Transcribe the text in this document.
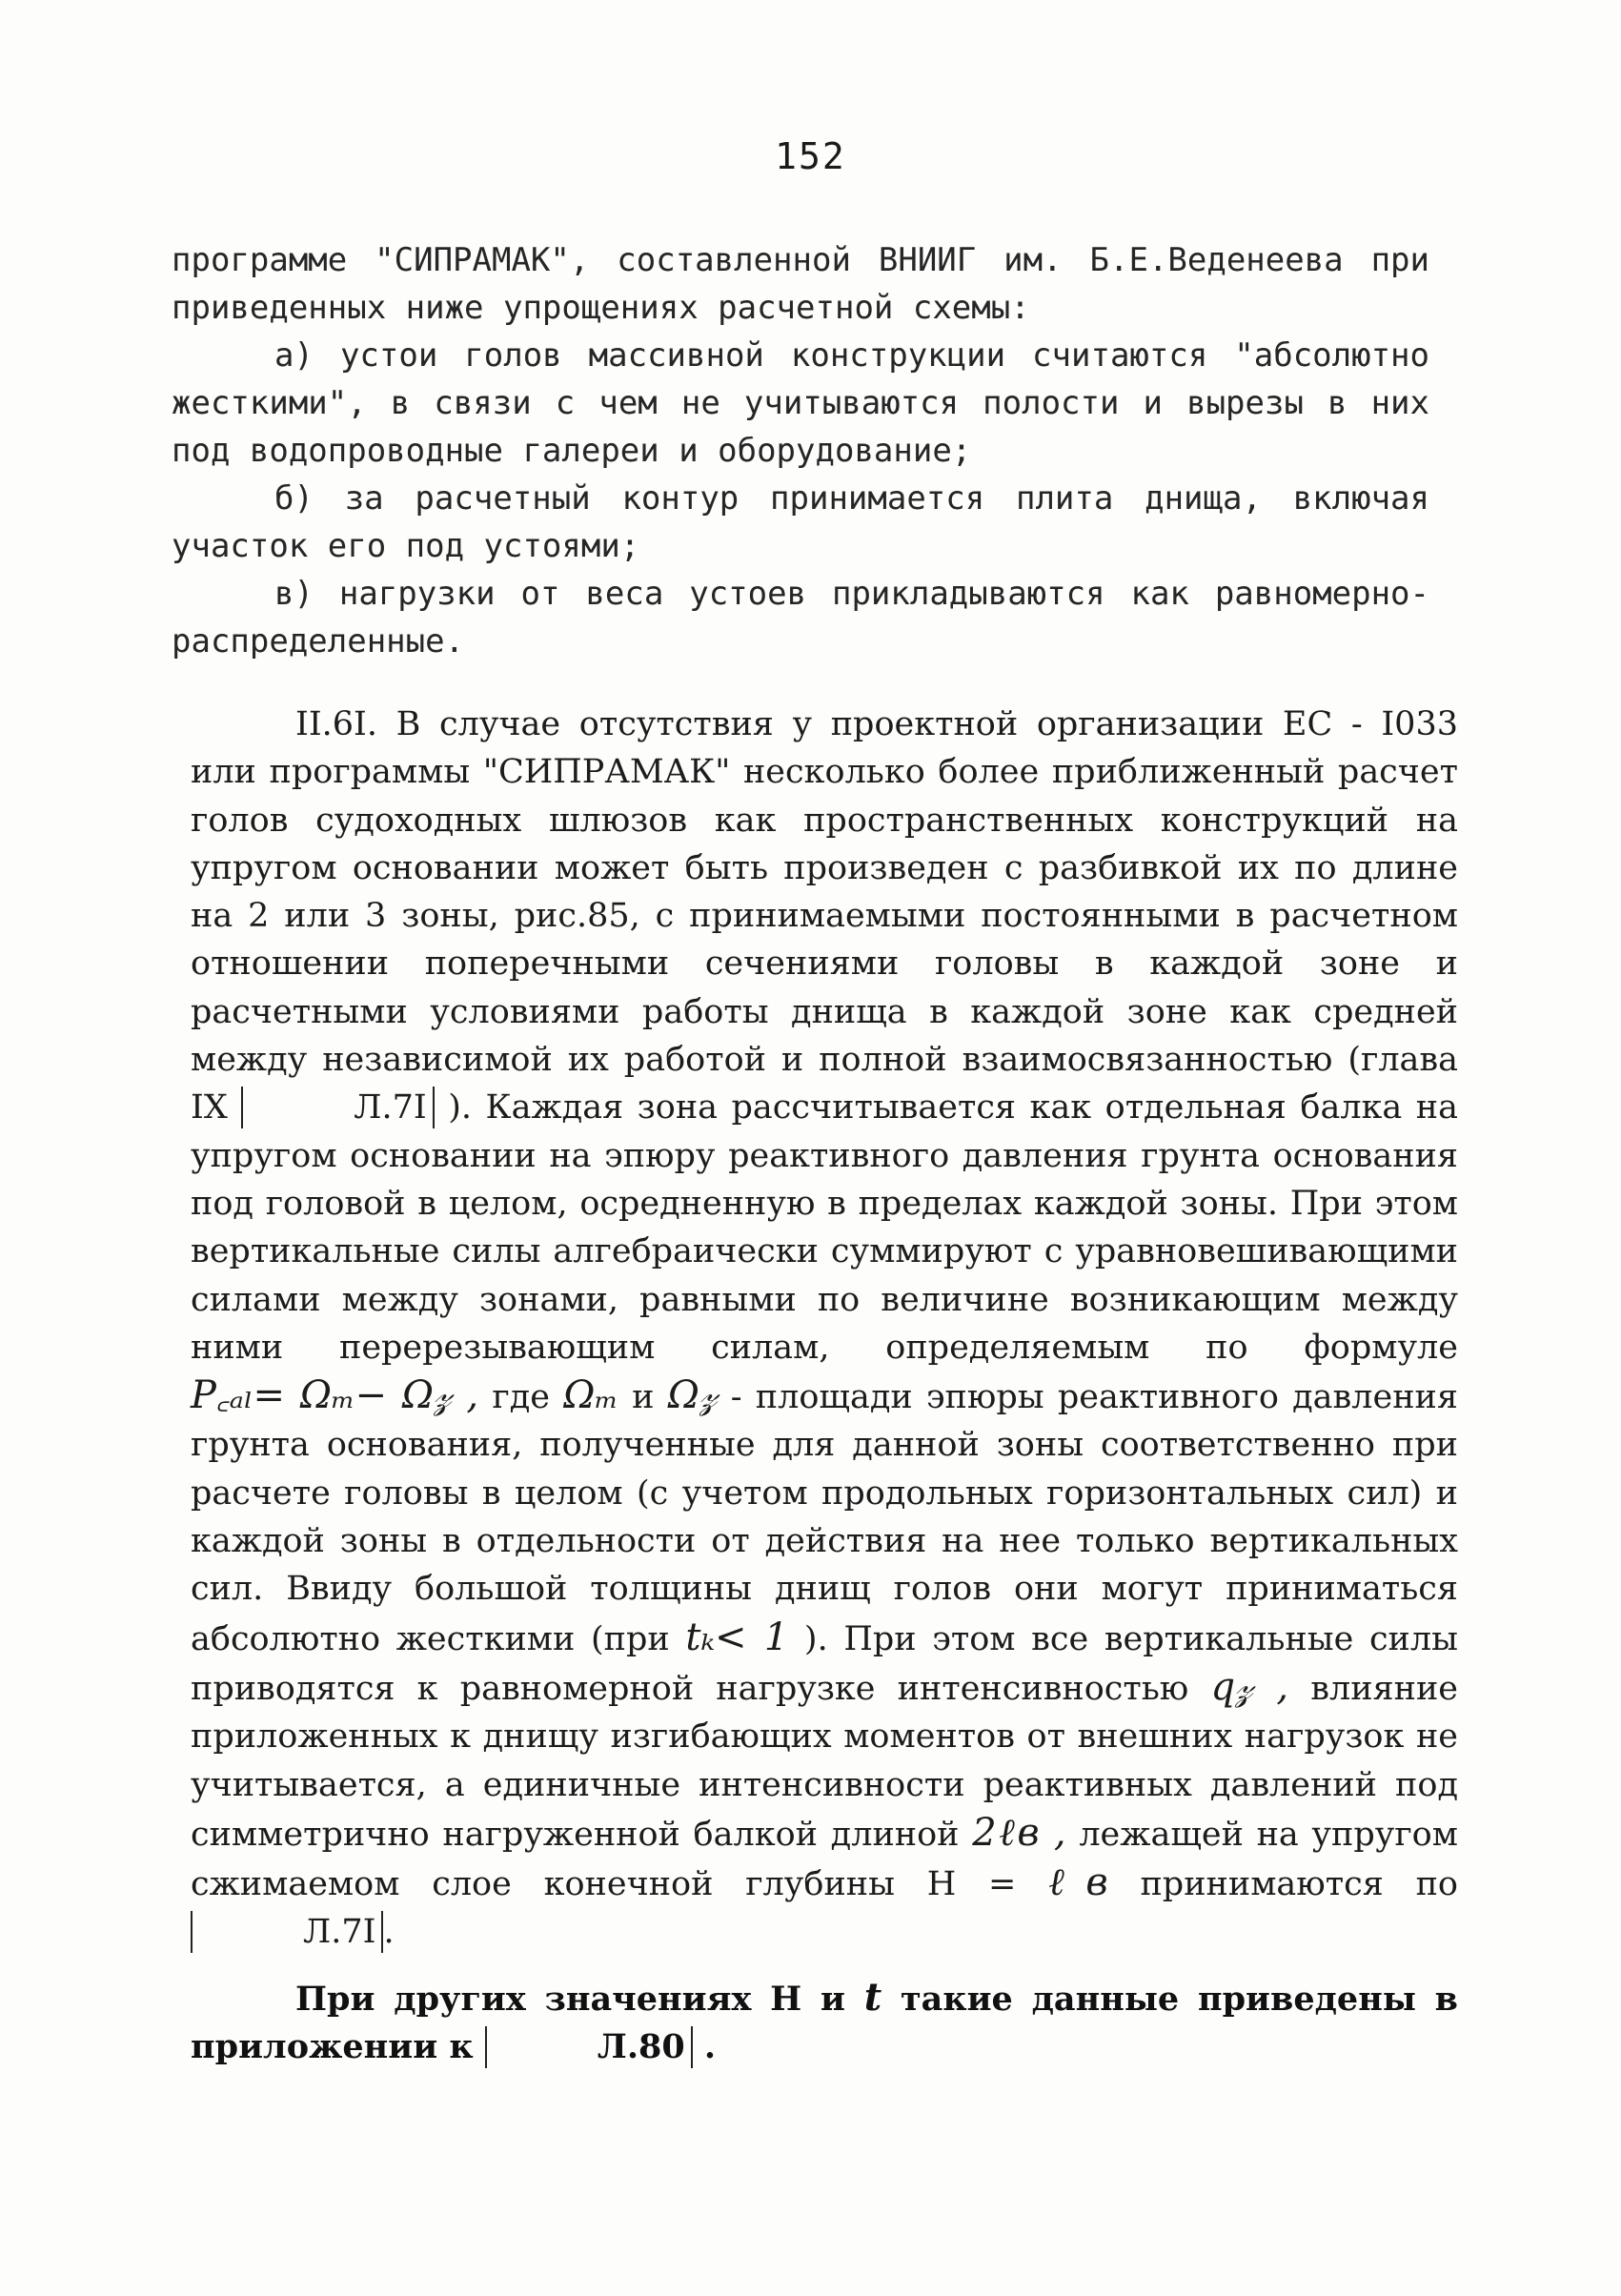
152

программе "СИПРАМАК", составленной ВНИИГ им. Б.Е.Веденеева при приведенных ниже упрощениях расчетной схемы:

а) устои голов массивной конструкции считаются "абсолютно жесткими", в связи с чем не учитываются полости и вырезы в них под водопроводные галереи и оборудование;

б) за расчетный контур принимается плита днища, включая участок его под устоями;

в) нагрузки от веса устоев прикладываются как равномерно-распределенные.

II.6I. В случае отсутствия у проектной организации ЕС - I033 или программы "СИПРАМАК" несколько более приближенный расчет голов судоходных шлюзов как пространственных конструкций на упругом основании может быть произведен с разбивкой их по длине на 2 или 3 зоны, рис.85, с принимаемыми постоянными в расчетном отношении поперечными сечениями головы в каждой зоне и расчетными условиями работы днища в каждой зоне как средней между независимой их работой и полной взаимосвязанностью (глава IX	Л.7I ). Каждая зона рассчитывается как отдельная балка на упругом основании на эпюру реактивного давления грунта основания под головой в целом, осредненную в пределах каждой зоны. При этом вертикальные силы алгебраически суммируют с уравновешивающими силами между зонами, равными по величине возникающим между ними перерезывающим силам, определяемым по формуле P꜀ₐₗ= Ωₘ− Ω𝓏 , где Ωₘ и Ω𝓏 - площади эпюры реактивного давления грунта основания, полученные для данной зоны соответственно при расчете головы в целом (с учетом продольных горизонтальных сил) и каждой зоны в отдельности от действия на нее только вертикальных сил. Ввиду большой толщины днищ голов они могут приниматься абсолютно жесткими (при tₖ< 1 ). При этом все вертикальные силы приводятся к равномерной нагрузке интенсивностью q𝓏 , влияние приложенных к днищу изгибающих моментов от внешних нагрузок не учитывается, а единичные интенсивности реактивных давлений под симметрично нагруженной балкой длиной 2ℓв , лежащей на упругом сжимаемом слое конечной глубины Н = ℓв принимаются по Л.7I .

При других значениях Н и t такие данные приведены в приложении к	Л.80 .
